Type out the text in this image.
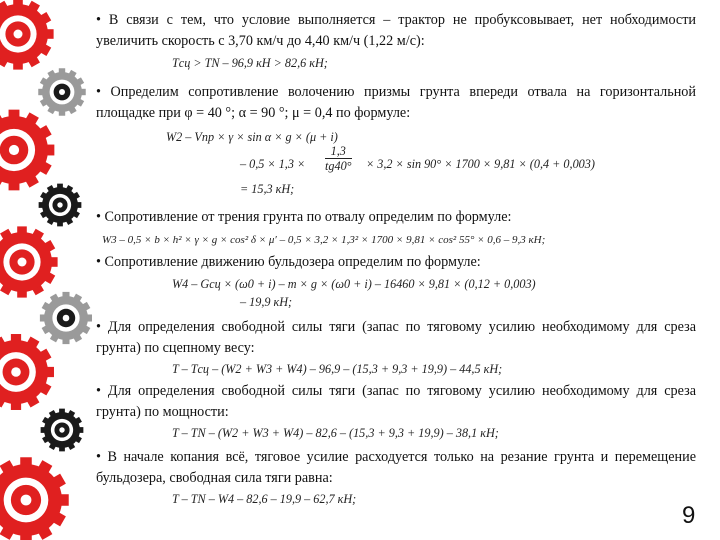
• В связи с тем, что условие выполняется – трактор не пробуксовывает, нет нобходимости увеличить скорость с 3,70 км/ч до 4,40 км/ч (1,22 м/с):
Tсц > TN – 96,9 кН > 82,6 кН;
• Определим сопротивление волочению призмы грунта впереди отвала на горизонтальной площадке при φ = 40 °; α = 90 °; μ = 0,4 по формуле:
W2 – Vпр × γ × sin α × g × (μ + i)
– $0,5 \times 1,3 \times \frac{1,3}{tg40^\circ} \times 3,2 \times \sin 90^\circ \times 1700 \times 9,81 \times (0,4 + 0,003)$
= 15,3 кН;
• Сопротивление от трения грунта по отвалу определим по формуле:
W3 – 0,5 × b × h² × γ × g × cos² δ × μ′ – 0,5 × 3,2 × 1,3² × 1700 × 9,81 × cos² 55° × 0,6 – 9,3 кН;
• Сопротивление движению бульдозера определим по формуле:
W4 – Gсц × (ω0 + i) – m × g × (ω0 + i) – 16460 × 9,81 × (0,12 + 0,003)
– 19,9 кН;
• Для определения свободной силы тяги (запас по тяговому усилию необходимому для среза грунта) по сцепному весу:
T – Tсц – (W2 + W3 + W4) – 96,9 – (15,3 + 9,3 + 19,9) – 44,5 кН;
• Для определения свободной силы тяги (запас по тяговому усилию необходимому для среза грунта) по мощности:
T – TN – (W2 + W3 + W4) – 82,6 – (15,3 + 9,3 + 19,9) – 38,1 кН;
• В начале копания всё, тяговое усилие расходуется только на резание грунта и перемещение бульдозера, свободная сила тяги равна:
T – TN – W4 – 82,6 – 19,9 – 62,7 кН;
9
